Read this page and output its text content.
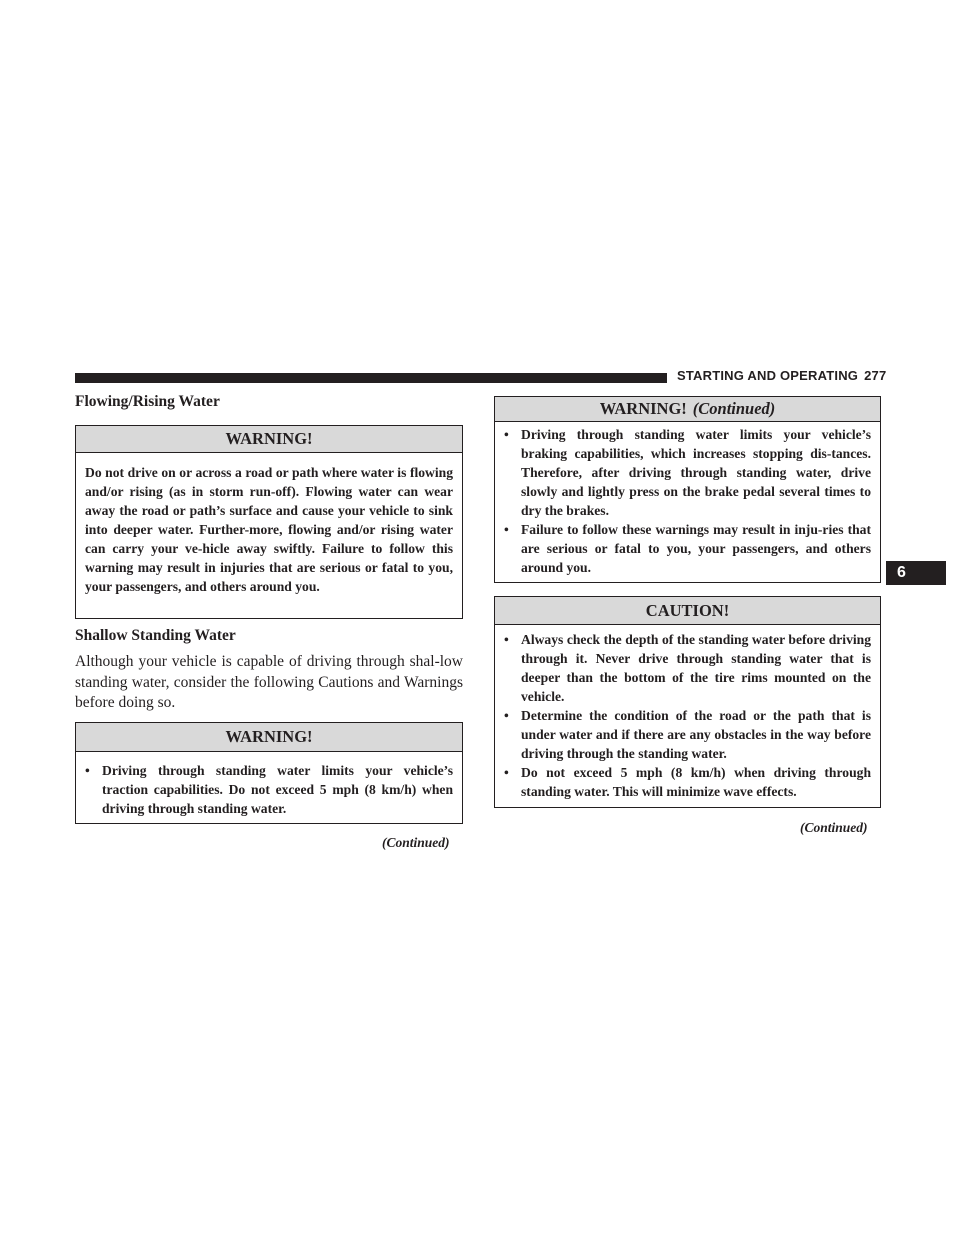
STARTING AND OPERATING 277
6
Flowing/Rising Water
WARNING!

Do not drive on or across a road or path where water is flowing and/or rising (as in storm run-off). Flowing water can wear away the road or path’s surface and cause your vehicle to sink into deeper water. Further-more, flowing and/or rising water can carry your ve-hicle away swiftly. Failure to follow this warning may result in injuries that are serious or fatal to you, your passengers, and others around you.

Shallow Standing Water

Although your vehicle is capable of driving through shal-low standing water, consider the following Cautions and Warnings before doing so.

WARNING!
• Driving through standing water limits your vehicle’s traction capabilities. Do not exceed 5 mph (8 km/h) when driving through standing water.
(Continued)
WARNING! (Continued)
• Driving through standing water limits your vehicle’s braking capabilities, which increases stopping dis-tances. Therefore, after driving through standing water, drive slowly and lightly press on the brake pedal several times to dry the brakes.
• Failure to follow these warnings may result in inju-ries that are serious or fatal to you, your passengers, and others around you.
CAUTION!
• Always check the depth of the standing water before driving through it. Never drive through standing water that is deeper than the bottom of the tire rims mounted on the vehicle.
• Determine the condition of the road or the path that is under water and if there are any obstacles in the way before driving through the standing water.
• Do not exceed 5 mph (8 km/h) when driving through standing water. This will minimize wave effects.
(Continued)
